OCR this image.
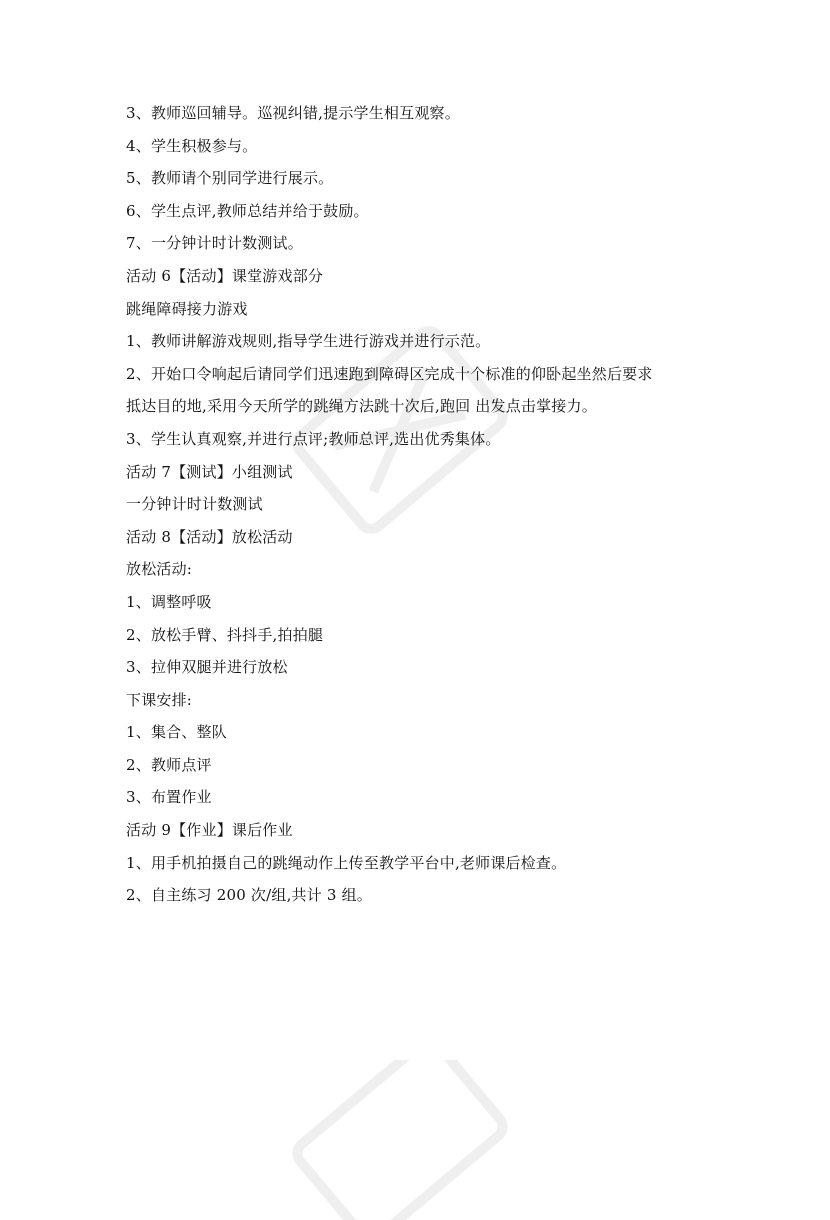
3、教师巡回辅导。巡视纠错,提示学生相互观察。
4、学生积极参与。
5、教师请个别同学进行展示。
6、学生点评,教师总结并给于鼓励。
7、一分钟计时计数测试。
活动 6【活动】课堂游戏部分
跳绳障碍接力游戏
1、教师讲解游戏规则,指导学生进行游戏并进行示范。
2、开始口令响起后请同学们迅速跑到障碍区完成十个标准的仰卧起坐然后要求
抵达目的地,采用今天所学的跳绳方法跳十次后,跑回 出发点击掌接力。
3、学生认真观察,并进行点评;教师总评,选出优秀集体。
活动 7【测试】小组测试
一分钟计时计数测试
活动 8【活动】放松活动
放松活动:
1、调整呼吸
2、放松手臂、抖抖手,拍拍腿
3、拉伸双腿并进行放松
下课安排:
1、集合、整队
2、教师点评
3、布置作业
活动 9【作业】课后作业
1、用手机拍摄自己的跳绳动作上传至教学平台中,老师课后检查。
2、自主练习 200 次/组,共计 3 组。
